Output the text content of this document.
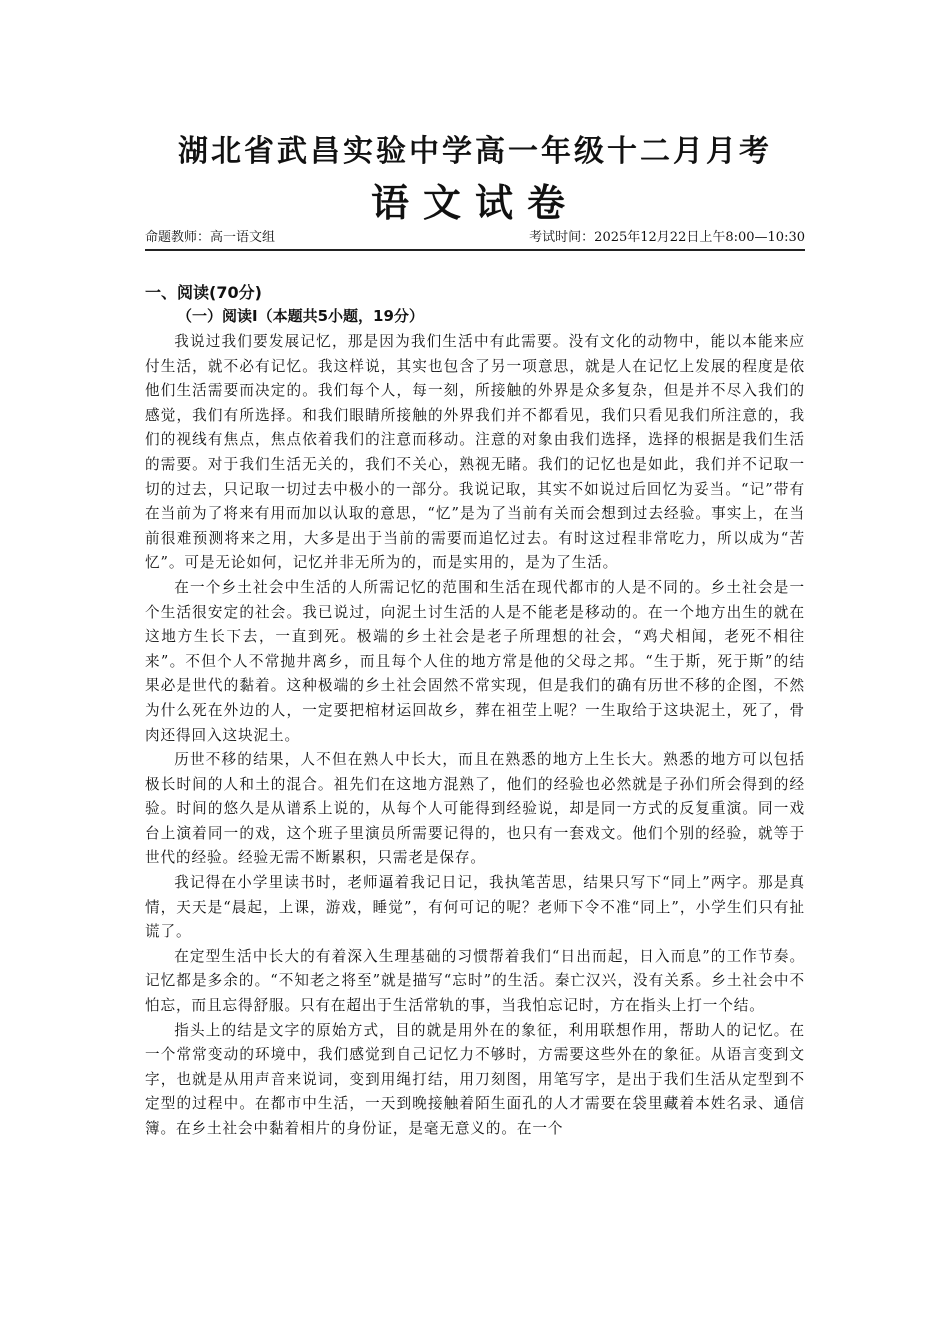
湖北省武昌实验中学高一年级十二月月考
语文试卷
命题教师：高一语文组	考试时间：2025年12月22日上午8:00—10:30
一、阅读(70分)
（一）阅读Ⅰ（本题共5小题，19分）

我说过我们要发展记忆，那是因为我们生活中有此需要。没有文化的动物中，能以本能来应付生活，就不必有记忆。我这样说，其实也包含了另一项意思，就是人在记忆上发展的程度是依他们生活需要而决定的。我们每个人，每一刻，所接触的外界是众多复杂，但是并不尽入我们的感觉，我们有所选择。和我们眼睛所接触的外界我们并不都看见，我们只看见我们所注意的，我们的视线有焦点，焦点依着我们的注意而移动。注意的对象由我们选择，选择的根据是我们生活的需要。对于我们生活无关的，我们不关心，熟视无睹。我们的记忆也是如此，我们并不记取一切的过去，只记取一切过去中极小的一部分。我说记取，其实不如说过后回忆为妥当。“记”带有在当前为了将来有用而加以认取的意思，“忆”是为了当前有关而会想到过去经验。事实上，在当前很难预测将来之用，大多是出于当前的需要而追忆过去。有时这过程非常吃力，所以成为“苦忆”。可是无论如何，记忆并非无所为的，而是实用的，是为了生活。

在一个乡土社会中生活的人所需记忆的范围和生活在现代都市的人是不同的。乡土社会是一个生活很安定的社会。我已说过，向泥土讨生活的人是不能老是移动的。在一个地方出生的就在这地方生长下去，一直到死。极端的乡土社会是老子所理想的社会，“鸡犬相闻，老死不相往来”。不但个人不常抛井离乡，而且每个人住的地方常是他的父母之邦。“生于斯，死于斯”的结果必是世代的黏着。这种极端的乡土社会固然不常实现，但是我们的确有历世不移的企图，不然为什么死在外边的人，一定要把棺材运回故乡，葬在祖茔上呢？一生取给于这块泥土，死了，骨肉还得回入这块泥土。

历世不移的结果，人不但在熟人中长大，而且在熟悉的地方上生长大。熟悉的地方可以包括极长时间的人和土的混合。祖先们在这地方混熟了，他们的经验也必然就是子孙们所会得到的经验。时间的悠久是从谱系上说的，从每个人可能得到经验说，却是同一方式的反复重演。同一戏台上演着同一的戏，这个班子里演员所需要记得的，也只有一套戏文。他们个别的经验，就等于世代的经验。经验无需不断累积，只需老是保存。

我记得在小学里读书时，老师逼着我记日记，我执笔苦思，结果只写下“同上”两字。那是真情，天天是“晨起，上课，游戏，睡觉”，有何可记的呢？老师下令不准“同上”，小学生们只有扯谎了。

在定型生活中长大的有着深入生理基础的习惯帮着我们“日出而起，日入而息”的工作节奏。记忆都是多余的。“不知老之将至”就是描写“忘时”的生活。秦亡汉兴，没有关系。乡土社会中不怕忘，而且忘得舒服。只有在超出于生活常轨的事，当我怕忘记时，方在指头上打一个结。

指头上的结是文字的原始方式，目的就是用外在的象征，利用联想作用，帮助人的记忆。在一个常常变动的环境中，我们感觉到自己记忆力不够时，方需要这些外在的象征。从语言变到文字，也就是从用声音来说词，变到用绳打结，用刀刻图，用笔写字，是出于我们生活从定型到不定型的过程中。在都市中生活，一天到晚接触着陌生面孔的人才需要在袋里藏着本姓名录、通信簿。在乡土社会中黏着相片的身份证，是毫无意义的。在一个
